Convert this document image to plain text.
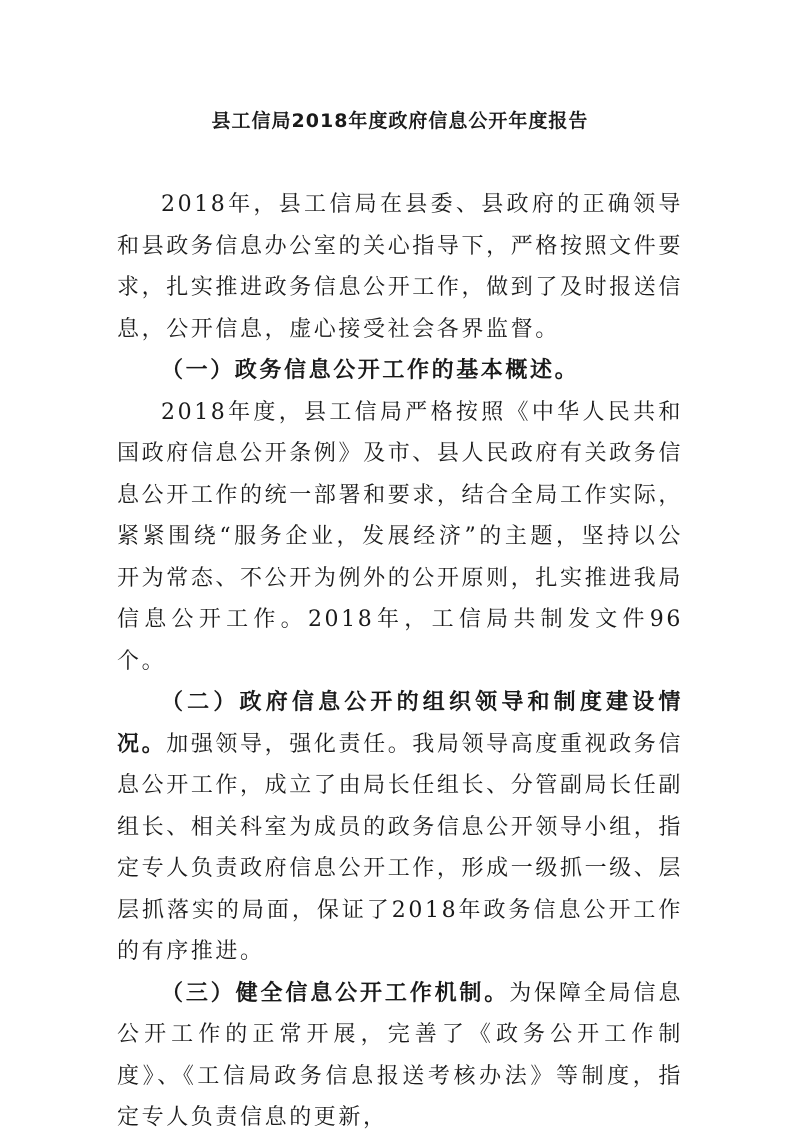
县工信局2018年度政府信息公开年度报告

2018年，县工信局在县委、县政府的正确领导和县政务信息办公室的关心指导下，严格按照文件要求，扎实推进政务信息公开工作，做到了及时报送信息，公开信息，虚心接受社会各界监督。

（一）政务信息公开工作的基本概述。

2018年度，县工信局严格按照《中华人民共和国政府信息公开条例》及市、县人民政府有关政务信息公开工作的统一部署和要求，结合全局工作实际，紧紧围绕“服务企业，发展经济”的主题，坚持以公开为常态、不公开为例外的公开原则，扎实推进我局信息公开工作。2018年，工信局共制发文件96个。

（二）政府信息公开的组织领导和制度建设情况。加强领导，强化责任。我局领导高度重视政务信息公开工作，成立了由局长任组长、分管副局长任副组长、相关科室为成员的政务信息公开领导小组，指定专人负责政府信息公开工作，形成一级抓一级、层层抓落实的局面，保证了2018年政务信息公开工作的有序推进。

（三）健全信息公开工作机制。为保障全局信息公开工作的正常开展，完善了《政务公开工作制度》、《工信局政务信息报送考核办法》等制度，指定专人负责信息的更新，
